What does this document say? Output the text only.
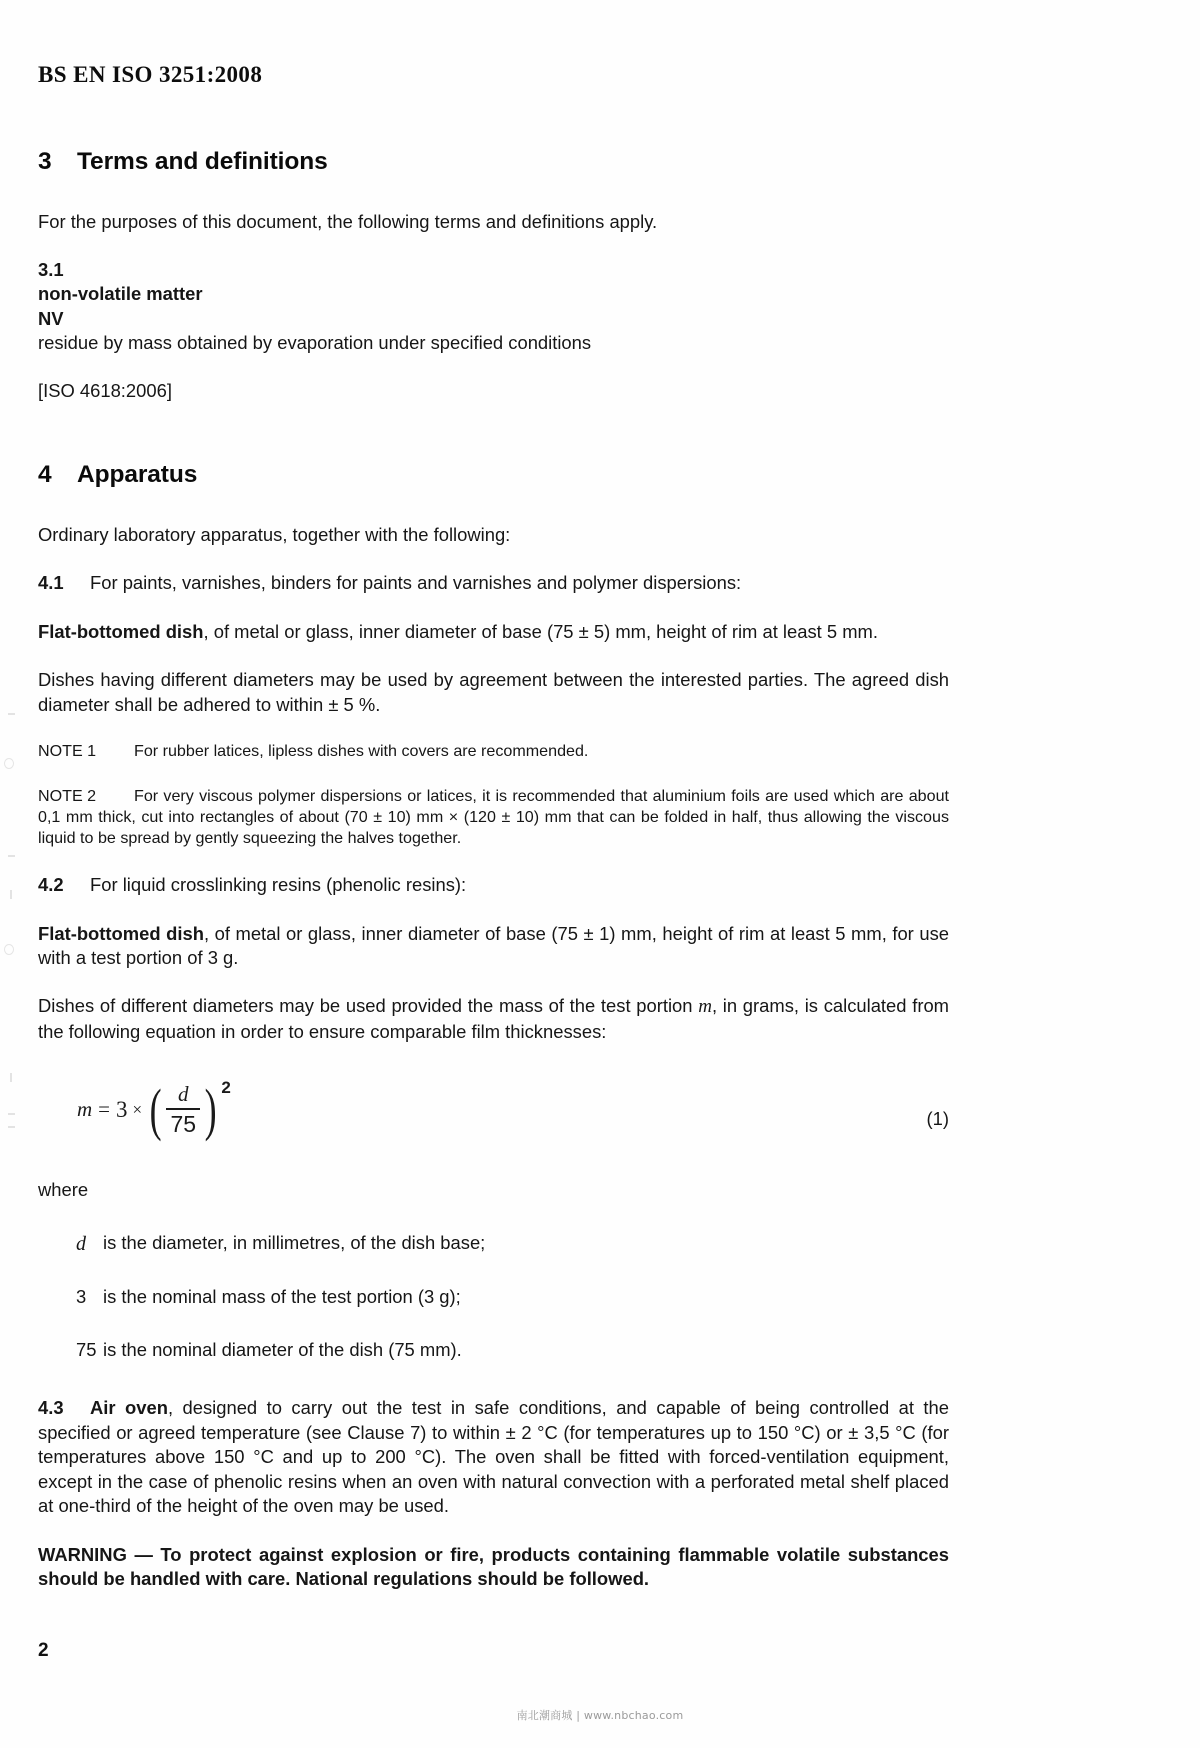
BS EN ISO 3251:2008
3 Terms and definitions

For the purposes of this document, the following terms and definitions apply.

3.1
non-volatile matter
NV
residue by mass obtained by evaporation under specified conditions

[ISO 4618:2006]

4 Apparatus

Ordinary laboratory apparatus, together with the following:

4.1 For paints, varnishes, binders for paints and varnishes and polymer dispersions:

Flat-bottomed dish, of metal or glass, inner diameter of base (75 ± 5) mm, height of rim at least 5 mm.

Dishes having different diameters may be used by agreement between the interested parties. The agreed dish diameter shall be adhered to within ± 5 %.

NOTE 1 For rubber latices, lipless dishes with covers are recommended.

NOTE 2 For very viscous polymer dispersions or latices, it is recommended that aluminium foils are used which are about 0,1 mm thick, cut into rectangles of about (70 ± 10) mm × (120 ± 10) mm that can be folded in half, thus allowing the viscous liquid to be spread by gently squeezing the halves together.

4.2 For liquid crosslinking resins (phenolic resins):

Flat-bottomed dish, of metal or glass, inner diameter of base (75 ± 1) mm, height of rim at least 5 mm, for use with a test portion of 3 g.

Dishes of different diameters may be used provided the mass of the test portion m, in grams, is calculated from the following equation in order to ensure comparable film thicknesses:

m = 3 × ( $\frac{d}{75}$ ) 2
(1)

where

d is the diameter, in millimetres, of the dish base;
3 is the nominal mass of the test portion (3 g);
75 is the nominal diameter of the dish (75 mm).

4.3 Air oven, designed to carry out the test in safe conditions, and capable of being controlled at the specified or agreed temperature (see Clause 7) to within ± 2 °C (for temperatures up to 150 °C) or ± 3,5 °C (for temperatures above 150 °C and up to 200 °C). The oven shall be fitted with forced-ventilation equipment, except in the case of phenolic resins when an oven with natural convection with a perforated metal shelf placed at one-third of the height of the oven may be used.

WARNING — To protect against explosion or fire, products containing flammable volatile substances should be handled with care. National regulations should be followed.

2
南北潮商城 | www.nbchao.com
